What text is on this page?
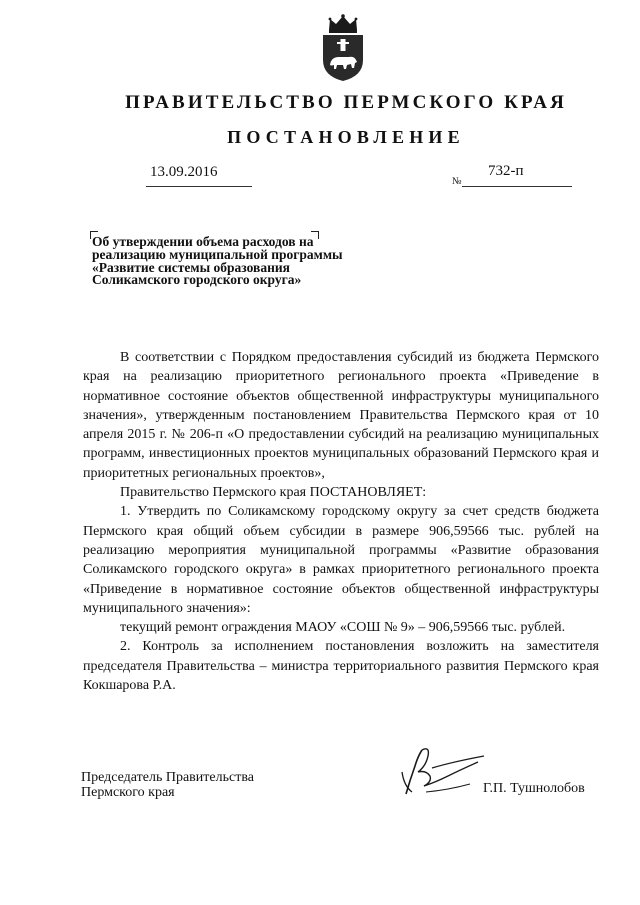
ПРАВИТЕЛЬСТВО ПЕРМСКОГО КРАЯ
ПОСТАНОВЛЕНИЕ
13.09.2016
№
732-п
Об утверждении объема расходов на реализацию муниципальной программы «Развитие системы образования Соликамского городского округа»

В соответствии с Порядком предоставления субсидий из бюджета Пермского края на реализацию приоритетного регионального проекта «Приведение в нормативное состояние объектов общественной инфраструктуры муниципального значения», утвержденным постановлением Правительства Пермского края от 10 апреля 2015 г. № 206-п «О предоставлении субсидий на реализацию муниципальных программ, инвестиционных проектов муниципальных образований Пермского края и приоритетных региональных проектов»,

Правительство Пермского края ПОСТАНОВЛЯЕТ:

1. Утвердить по Соликамскому городскому округу за счет средств бюджета Пермского края общий объем субсидии в размере 906,59566 тыс. рублей на реализацию мероприятия муниципальной программы «Развитие образования Соликамского городского округа» в рамках приоритетного регионального проекта «Приведение в нормативное состояние объектов общественной инфраструктуры муниципального значения»:

текущий ремонт ограждения МАОУ «СОШ № 9» – 906,59566 тыс. рублей.

2. Контроль за исполнением постановления возложить на заместителя председателя Правительства – министра территориального развития Пермского края Кокшарова Р.А.

Председатель Правительства
Пермского края	Г.П. Тушнолобов
